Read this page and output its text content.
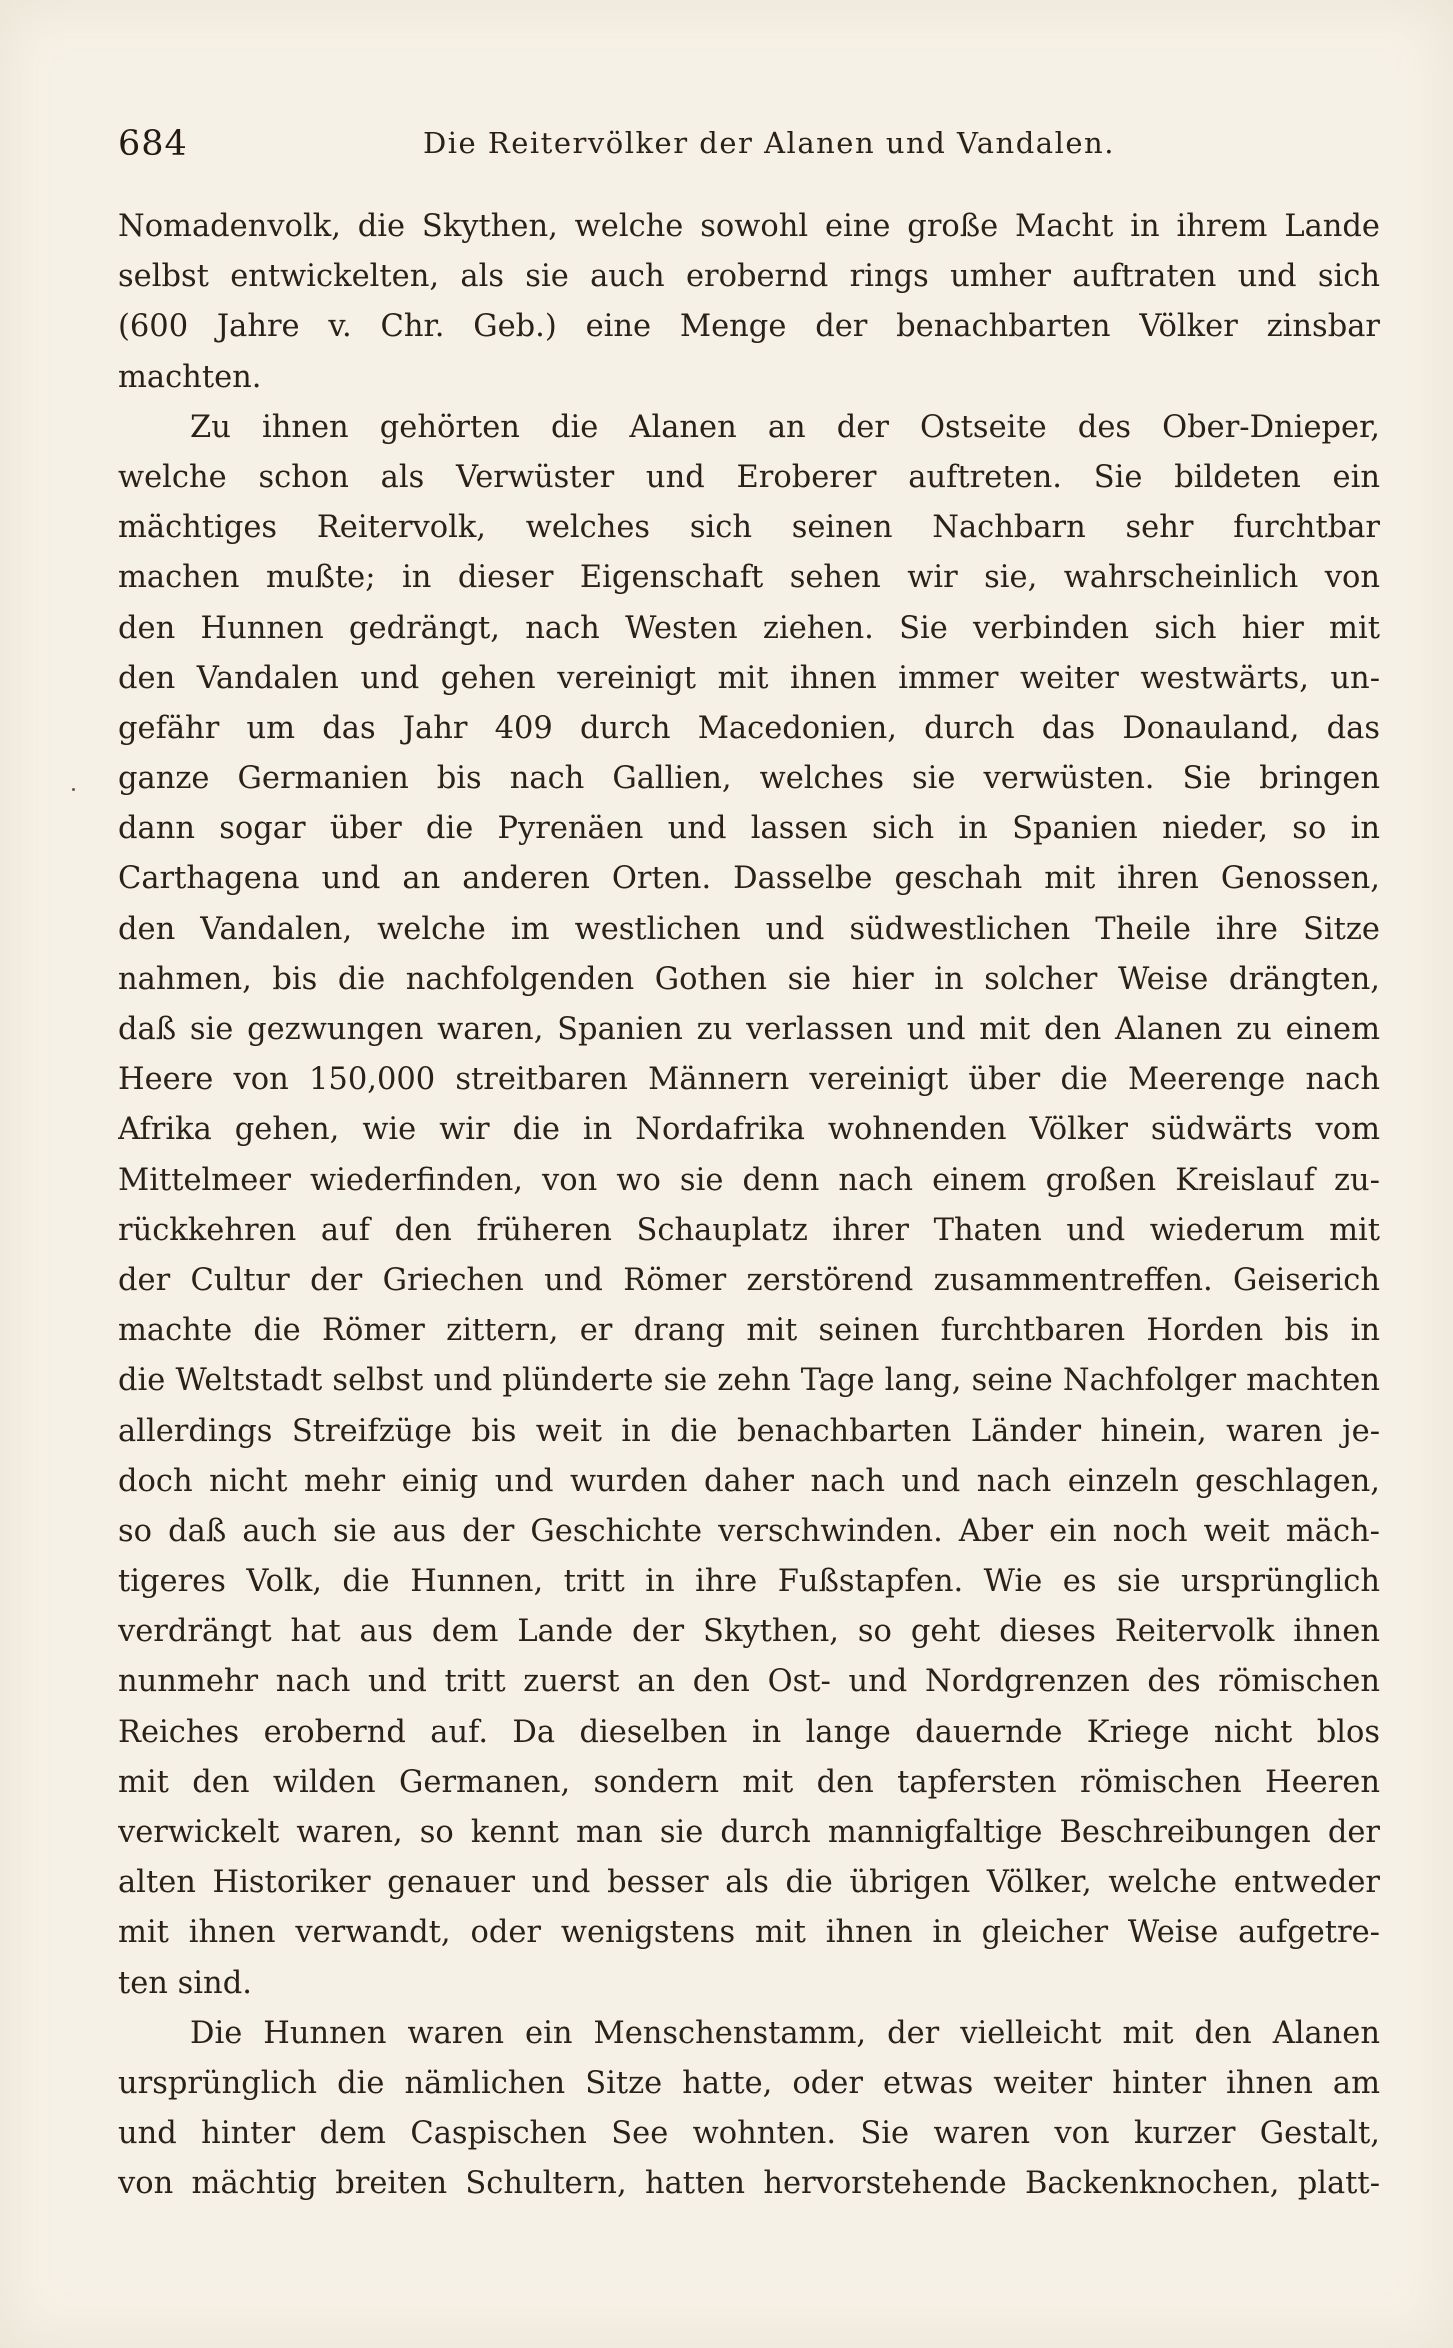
684	Die Reitervölker der Alanen und Vandalen.
Nomadenvolk, die Skythen, welche sowohl eine große Macht in ihrem Lande
selbst entwickelten, als sie auch erobernd rings umher auftraten und sich
(600 Jahre v. Chr. Geb.) eine Menge der benachbarten Völker zinsbar
machten.
Zu ihnen gehörten die Alanen an der Ostseite des Ober-Dnieper,
welche schon als Verwüster und Eroberer auftreten. Sie bildeten ein
mächtiges Reitervolk, welches sich seinen Nachbarn sehr furchtbar
machen mußte; in dieser Eigenschaft sehen wir sie, wahrscheinlich von
den Hunnen gedrängt, nach Westen ziehen. Sie verbinden sich hier mit
den Vandalen und gehen vereinigt mit ihnen immer weiter westwärts, un-
gefähr um das Jahr 409 durch Macedonien, durch das Donauland, das
ganze Germanien bis nach Gallien, welches sie verwüsten. Sie bringen
dann sogar über die Pyrenäen und lassen sich in Spanien nieder, so in
Carthagena und an anderen Orten. Dasselbe geschah mit ihren Genossen,
den Vandalen, welche im westlichen und südwestlichen Theile ihre Sitze
nahmen, bis die nachfolgenden Gothen sie hier in solcher Weise drängten,
daß sie gezwungen waren, Spanien zu verlassen und mit den Alanen zu einem
Heere von 150,000 streitbaren Männern vereinigt über die Meerenge nach
Afrika gehen, wie wir die in Nordafrika wohnenden Völker südwärts vom
Mittelmeer wiederfinden, von wo sie denn nach einem großen Kreislauf zu-
rückkehren auf den früheren Schauplatz ihrer Thaten und wiederum mit
der Cultur der Griechen und Römer zerstörend zusammentreffen. Geiserich
machte die Römer zittern, er drang mit seinen furchtbaren Horden bis in
die Weltstadt selbst und plünderte sie zehn Tage lang, seine Nachfolger machten
allerdings Streifzüge bis weit in die benachbarten Länder hinein, waren je-
doch nicht mehr einig und wurden daher nach und nach einzeln geschlagen,
so daß auch sie aus der Geschichte verschwinden. Aber ein noch weit mäch-
tigeres Volk, die Hunnen, tritt in ihre Fußstapfen. Wie es sie ursprünglich
verdrängt hat aus dem Lande der Skythen, so geht dieses Reitervolk ihnen
nunmehr nach und tritt zuerst an den Ost- und Nordgrenzen des römischen
Reiches erobernd auf. Da dieselben in lange dauernde Kriege nicht blos
mit den wilden Germanen, sondern mit den tapfersten römischen Heeren
verwickelt waren, so kennt man sie durch mannigfaltige Beschreibungen der
alten Historiker genauer und besser als die übrigen Völker, welche entweder
mit ihnen verwandt, oder wenigstens mit ihnen in gleicher Weise aufgetre-
ten sind.
Die Hunnen waren ein Menschenstamm, der vielleicht mit den Alanen
ursprünglich die nämlichen Sitze hatte, oder etwas weiter hinter ihnen am
und hinter dem Caspischen See wohnten. Sie waren von kurzer Gestalt,
von mächtig breiten Schultern, hatten hervorstehende Backenknochen, platt-
